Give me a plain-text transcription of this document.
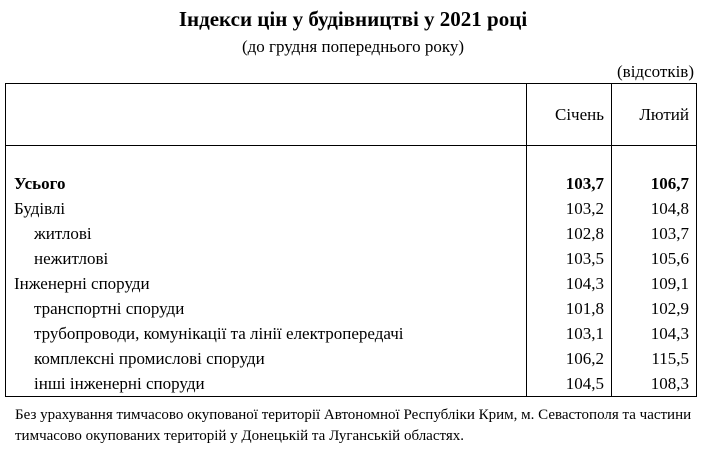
Індекси цін у будівництві у 2021 році
(до грудня попереднього року)
(відсотків)
	Січень	Лютий

Усього	103,7	106,7
Будівлі	103,2	104,8
житлові	102,8	103,7
нежитлові	103,5	105,6
Інженерні споруди	104,3	109,1
транспортні споруди	101,8	102,9
трубопроводи, комунікації та лінії електропередачі	103,1	104,3
комплексні промислові споруди	106,2	115,5
інші інженерні споруди	104,5	108,3
Без урахування тимчасово окупованої території Автономної Республіки Крим, м. Севастополя та частини тимчасово окупованих територій у Донецькій та Луганській областях.
